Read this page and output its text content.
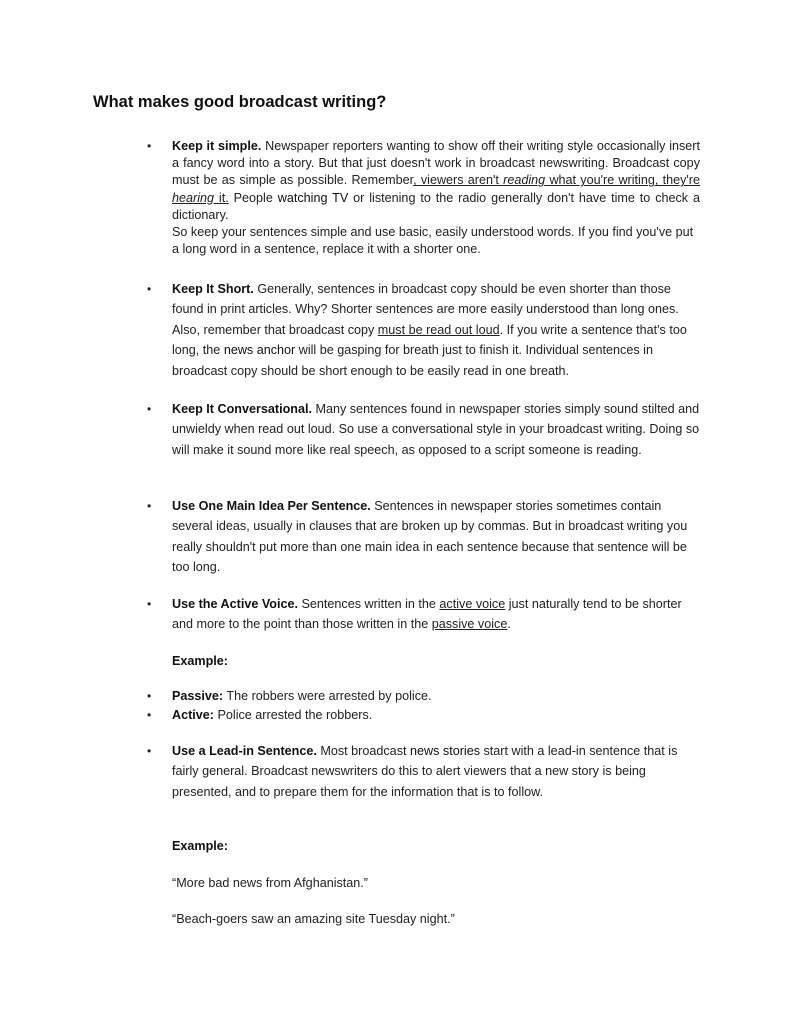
What makes good broadcast writing?
• Keep it simple. Newspaper reporters wanting to show off their writing style occasionally insert a fancy word into a story. But that just doesn't work in broadcast newswriting. Broadcast copy must be as simple as possible. Remember, viewers aren't reading what you're writing, they're hearing it. People watching TV or listening to the radio generally don't have time to check a dictionary.

So keep your sentences simple and use basic, easily understood words. If you find you've put a long word in a sentence, replace it with a shorter one.

• Keep It Short. Generally, sentences in broadcast copy should be even shorter than those found in print articles. Why? Shorter sentences are more easily understood than long ones. Also, remember that broadcast copy must be read out loud. If you write a sentence that's too long, the news anchor will be gasping for breath just to finish it. Individual sentences in broadcast copy should be short enough to be easily read in one breath.

• Keep It Conversational. Many sentences found in newspaper stories simply sound stilted and unwieldy when read out loud. So use a conversational style in your broadcast writing. Doing so will make it sound more like real speech, as opposed to a script someone is reading.

• Use One Main Idea Per Sentence. Sentences in newspaper stories sometimes contain several ideas, usually in clauses that are broken up by commas. But in broadcast writing you really shouldn't put more than one main idea in each sentence because that sentence will be too long.

• Use the Active Voice. Sentences written in the active voice just naturally tend to be shorter and more to the point than those written in the passive voice.

Example:
• Passive: The robbers were arrested by police.

• Active: Police arrested the robbers.

• Use a Lead-in Sentence. Most broadcast news stories start with a lead-in sentence that is fairly general. Broadcast newswriters do this to alert viewers that a new story is being presented, and to prepare them for the information that is to follow.

Example:
“More bad news from Afghanistan.”
“Beach-goers saw an amazing site Tuesday night.”
